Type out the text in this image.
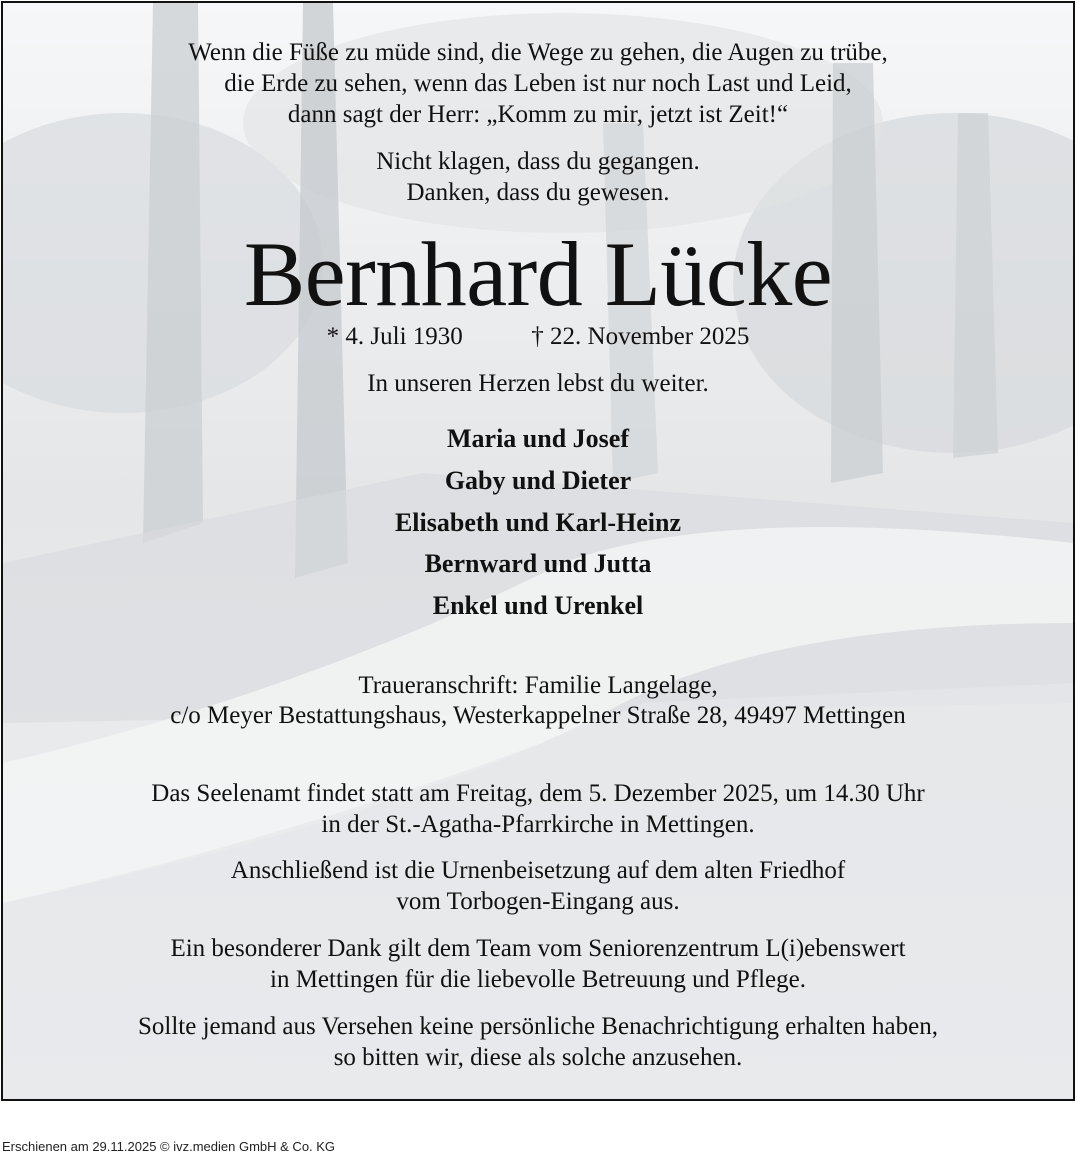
Wenn die Füße zu müde sind, die Wege zu gehen, die Augen zu trübe,
die Erde zu sehen, wenn das Leben ist nur noch Last und Leid,
dann sagt der Herr: „Komm zu mir, jetzt ist Zeit!“
Nicht klagen, dass du gegangen.
Danken, dass du gewesen.
Bernhard Lücke
* 4. Juli 1930	† 22. November 2025
In unseren Herzen lebst du weiter.
Maria und Josef
Gaby und Dieter
Elisabeth und Karl-Heinz
Bernward und Jutta
Enkel und Urenkel
Traueranschrift: Familie Langelage,
c/o Meyer Bestattungshaus, Westerkappelner Straße 28, 49497 Mettingen
Das Seelenamt findet statt am Freitag, dem 5. Dezember 2025, um 14.30 Uhr
in der St.-Agatha-Pfarrkirche in Mettingen.
Anschließend ist die Urnenbeisetzung auf dem alten Friedhof
vom Torbogen-Eingang aus.
Ein besonderer Dank gilt dem Team vom Seniorenzentrum L(i)ebenswert
in Mettingen für die liebevolle Betreuung und Pflege.
Sollte jemand aus Versehen keine persönliche Benachrichtigung erhalten haben,
so bitten wir, diese als solche anzusehen.
Erschienen am 29.11.2025 © ivz.medien GmbH & Co. KG
